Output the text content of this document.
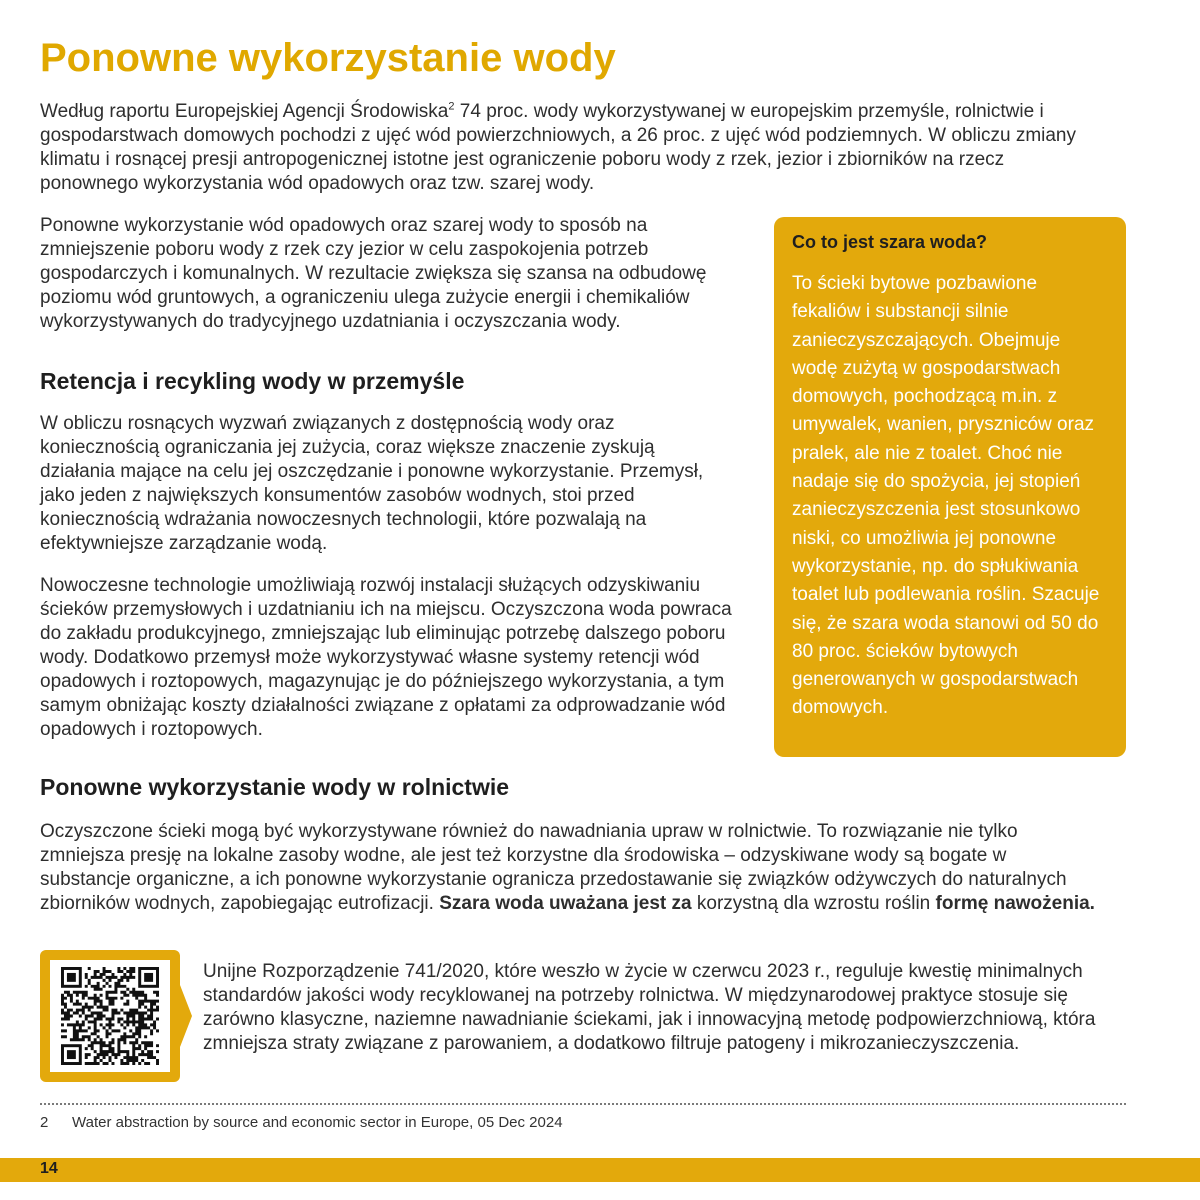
Ponowne wykorzystanie wody

Według raportu Europejskiej Agencji Środowiska$^2$ 74 proc. wody wykorzystywanej w europejskim przemyśle, rolnictwie i gospodarstwach domowych pochodzi z ujęć wód powierzchniowych, a 26 proc. z ujęć wód podziemnych. W obliczu zmiany klimatu i rosnącej presji antropogenicznej istotne jest ograniczenie poboru wody z rzek, jezior i zbiorników na rzecz ponownego wykorzystania wód opadowych oraz tzw. szarej wody.

Ponowne wykorzystanie wód opadowych oraz szarej wody to sposób na zmniejszenie poboru wody z rzek czy jezior w celu zaspokojenia potrzeb gospodarczych i komunalnych. W rezultacie zwiększa się szansa na odbudowę poziomu wód gruntowych, a ograniczeniu ulega zużycie energii i chemikaliów wykorzystywanych do tradycyjnego uzdatniania i oczyszczania wody.

Retencja i recykling wody w przemyśle

W obliczu rosnących wyzwań związanych z dostępnością wody oraz koniecznością ograniczania jej zużycia, coraz większe znaczenie zyskują działania mające na celu jej oszczędzanie i ponowne wykorzystanie. Przemysł, jako jeden z największych konsumentów zasobów wodnych, stoi przed koniecznością wdrażania nowoczesnych technologii, które pozwalają na efektywniejsze zarządzanie wodą.

Nowoczesne technologie umożliwiają rozwój instalacji służących odzyskiwaniu ścieków przemysłowych i uzdatnianiu ich na miejscu. Oczyszczona woda powraca do zakładu produkcyjnego, zmniejszając lub eliminując potrzebę dalszego poboru wody. Dodatkowo przemysł może wykorzystywać własne systemy retencji wód opadowych i roztopowych, magazynując je do późniejszego wykorzystania, a tym samym obniżając koszty działalności związane z opłatami za odprowadzanie wód opadowych i roztopowych.

Co to jest szara woda?

To ścieki bytowe pozbawione fekaliów i substancji silnie zanieczyszczających. Obejmuje wodę zużytą w gospodarstwach domowych, pochodzącą m.in. z umywalek, wanien, pryszniców oraz pralek, ale nie z toalet. Choć nie nadaje się do spożycia, jej stopień zanieczyszczenia jest stosunkowo niski, co umożliwia jej ponowne wykorzystanie, np. do spłukiwania toalet lub podlewania roślin. Szacuje się, że szara woda stanowi od 50 do 80 proc. ścieków bytowych generowanych w gospodarstwach domowych.

Ponowne wykorzystanie wody w rolnictwie

Oczyszczone ścieki mogą być wykorzystywane również do nawadniania upraw w rolnictwie. To rozwiązanie nie tylko zmniejsza presję na lokalne zasoby wodne, ale jest też korzystne dla środowiska – odzyskiwane wody są bogate w substancje organiczne, a ich ponowne wykorzystanie ogranicza przedostawanie się związków odżywczych do naturalnych zbiorników wodnych, zapobiegając eutrofizacji. Szara woda uważana jest za korzystną dla wzrostu roślin formę nawożenia.

Unijne Rozporządzenie 741/2020, które weszło w życie w czerwcu 2023 r., reguluje kwestię minimalnych standardów jakości wody recyklowanej na potrzeby rolnictwa. W międzynarodowej praktyce stosuje się zarówno klasyczne, naziemne nawadnianie ściekami, jak i innowacyjną metodę podpowierzchniową, która zmniejsza straty związane z parowaniem, a dodatkowo filtruje patogeny i mikrozanieczyszczenia.

2 Water abstraction by source and economic sector in Europe, 05 Dec 2024
14
